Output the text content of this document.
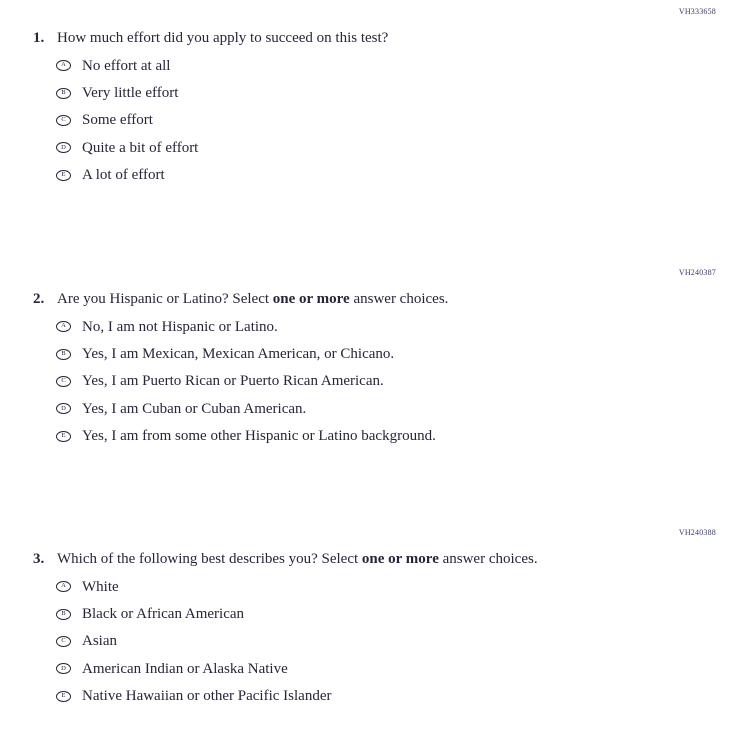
VH333658
1. How much effort did you apply to succeed on this test?
A No effort at all
B Very little effort
C Some effort
D Quite a bit of effort
E A lot of effort
VH240387
2. Are you Hispanic or Latino? Select one or more answer choices.
A No, I am not Hispanic or Latino.
B Yes, I am Mexican, Mexican American, or Chicano.
C Yes, I am Puerto Rican or Puerto Rican American.
D Yes, I am Cuban or Cuban American.
E Yes, I am from some other Hispanic or Latino background.
VH240388
3. Which of the following best describes you? Select one or more answer choices.
A White
B Black or African American
C Asian
D American Indian or Alaska Native
E Native Hawaiian or other Pacific Islander
